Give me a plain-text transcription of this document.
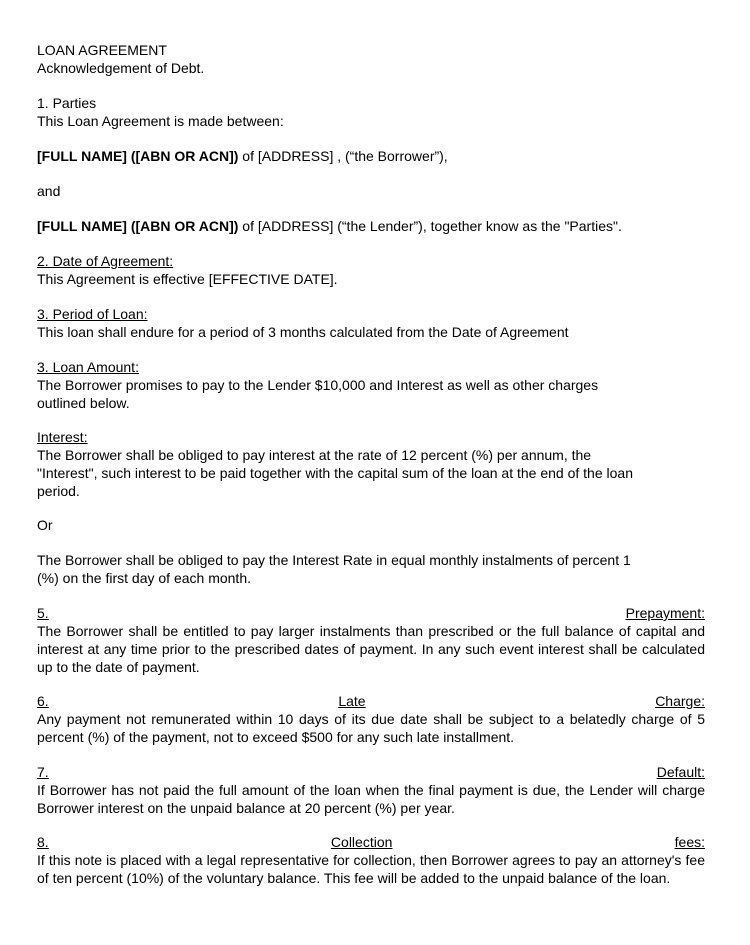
LOAN AGREEMENT

Acknowledgement of Debt.

1. Parties

This Loan Agreement is made between:

[FULL NAME] ([ABN OR ACN]) of [ADDRESS] , (“the Borrower”),

and

[FULL NAME] ([ABN OR ACN]) of [ADDRESS] (“the Lender”), together know as the "Parties".

2. Date of Agreement:

This Agreement is effective [EFFECTIVE DATE].

3. Period of Loan:

This loan shall endure for a period of 3 months calculated from the Date of Agreement

3. Loan Amount:

The Borrower promises to pay to the Lender $10,000 and Interest as well as other charges

outlined below.

Interest:

The Borrower shall be obliged to pay interest at the rate of 12 percent (%) per annum, the

"Interest", such interest to be paid together with the capital sum of the loan at the end of the loan

period.

Or

The Borrower shall be obliged to pay the Interest Rate in equal monthly instalments of percent 1

(%) on the first day of each month.

5.	Prepayment:

The Borrower shall be entitled to pay larger instalments than prescribed or the full balance of capital and interest at any time prior to the prescribed dates of payment. In any such event interest shall be calculated up to the date of payment.

6.	Late	Charge:

Any payment not remunerated within 10 days of its due date shall be subject to a belatedly charge of 5 percent (%) of the payment, not to exceed $500 for any such late installment.

7.	Default:

If Borrower has not paid the full amount of the loan when the final payment is due, the Lender will charge Borrower interest on the unpaid balance at 20 percent (%) per year.

8.	Collection	fees:

If this note is placed with a legal representative for collection, then Borrower agrees to pay an attorney's fee of ten percent (10%) of the voluntary balance. This fee will be added to the unpaid balance of the loan.
